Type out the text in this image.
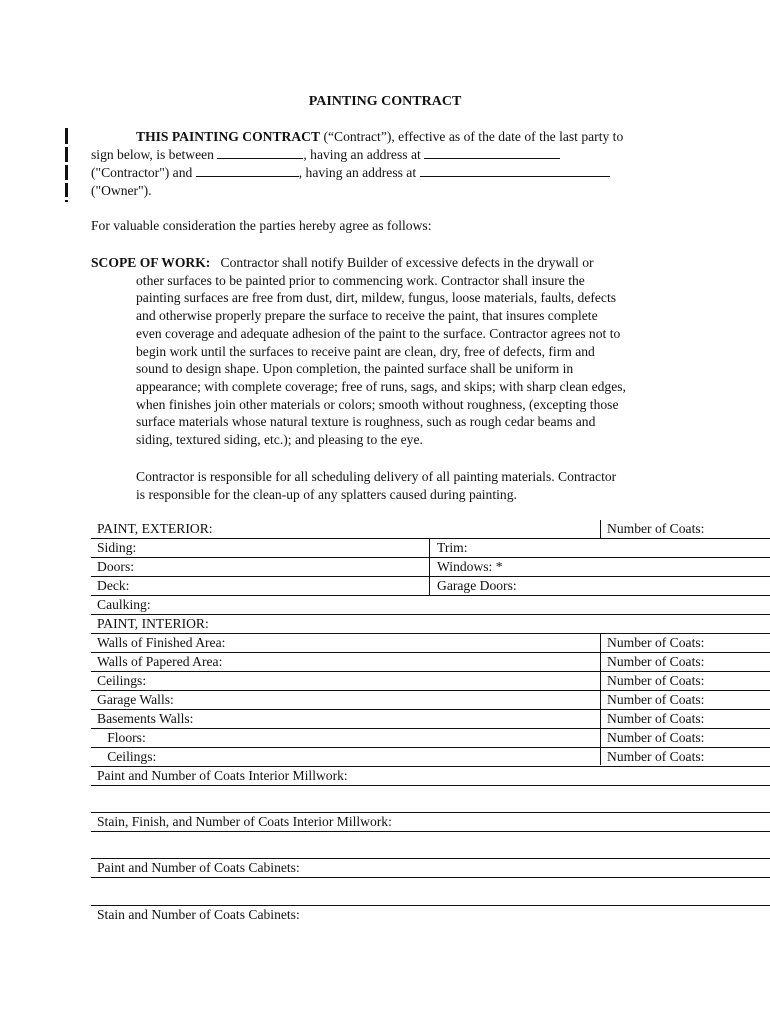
PAINTING CONTRACT
THIS PAINTING CONTRACT (“Contract”), effective as of the date of the last party to
sign below, is between	, having an address at
("Contractor") and	, having an address at
("Owner").
For valuable consideration the parties hereby agree as follows:
SCOPE OF WORK: Contractor shall notify Builder of excessive defects in the drywall or
other surfaces to be painted prior to commencing work. Contractor shall insure the
painting surfaces are free from dust, dirt, mildew, fungus, loose materials, faults, defects
and otherwise properly prepare the surface to receive the paint, that insures complete
even coverage and adequate adhesion of the paint to the surface. Contractor agrees not to
begin work until the surfaces to receive paint are clean, dry, free of defects, firm and
sound to design shape. Upon completion, the painted surface shall be uniform in
appearance; with complete coverage; free of runs, sags, and skips; with sharp clean edges,
when finishes join other materials or colors; smooth without roughness, (excepting those
surface materials whose natural texture is roughness, such as rough cedar beams and
siding, textured siding, etc.); and pleasing to the eye.
Contractor is responsible for all scheduling delivery of all painting materials. Contractor
is responsible for the clean-up of any splatters caused during painting.
PAINT, EXTERIOR:	Number of Coats:
Siding:	Trim:
Doors:	Windows: *
Deck:	Garage Doors:
Caulking:
PAINT, INTERIOR:
Walls of Finished Area:	Number of Coats:
Walls of Papered Area:	Number of Coats:
Ceilings:	Number of Coats:
Garage Walls:	Number of Coats:
Basements Walls:	Number of Coats:
Floors:	Number of Coats:
Ceilings:	Number of Coats:
Paint and Number of Coats Interior Millwork:
Stain, Finish, and Number of Coats Interior Millwork:
Paint and Number of Coats Cabinets:
Stain and Number of Coats Cabinets:
